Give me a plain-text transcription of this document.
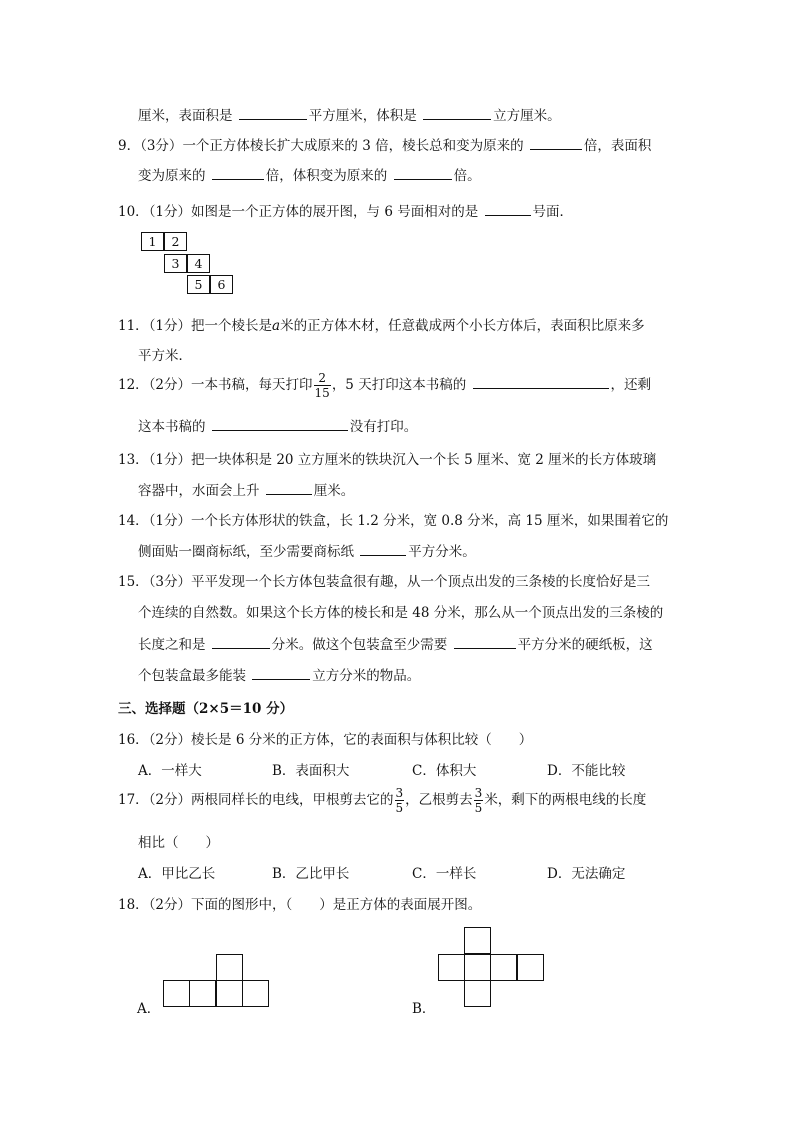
厘米，表面积是	平方厘米，体积是	立方厘米。
9．（3分）一个正方体棱长扩大成原来的 3 倍，棱长总和变为原来的	倍，表面积
变为原来的	倍，体积变为原来的	倍。
10．（1分）如图是一个正方体的展开图，与 6 号面相对的是	号面．
1	2
3	4
5	6
11．（1分）把一个棱长是a米的正方体木材，任意截成两个小长方体后，表面积比原来多
平方米．
12．（2分）一本书稿，每天打印 $\frac{2}{15}$ ，5 天打印这本书稿的	，还剩
这本书稿的	没有打印。
13．（1分）把一块体积是 20 立方厘米的铁块沉入一个长 5 厘米、宽 2 厘米的长方体玻璃
容器中，水面会上升	厘米。
14．（1分）一个长方体形状的铁盒，长 1.2 分米，宽 0.8 分米，高 15 厘米，如果围着它的
侧面贴一圈商标纸，至少需要商标纸	平方分米。
15．（3分）平平发现一个长方体包装盒很有趣，从一个顶点出发的三条棱的长度恰好是三
个连续的自然数。如果这个长方体的棱长和是 48 分米，那么从一个顶点出发的三条棱的
长度之和是	分米。做这个包装盒至少需要	平方分米的硬纸板，这
个包装盒最多能装	立方分米的物品。
三、选择题（2×5＝10 分）
16．（2分）棱长是 6 分米的正方体，它的表面积与体积比较（　　）
A．一样大	B．表面积大	C．体积大	D．不能比较
17．（2分）两根同样长的电线，甲根剪去它的 $\frac{3}{5}$ ，乙根剪去 $\frac{3}{5}$ 米，剩下的两根电线的长度
相比（　　）
A．甲比乙长	B．乙比甲长	C．一样长	D．无法确定
18．（2分）下面的图形中，（　　）是正方体的表面展开图。
A．	B．
